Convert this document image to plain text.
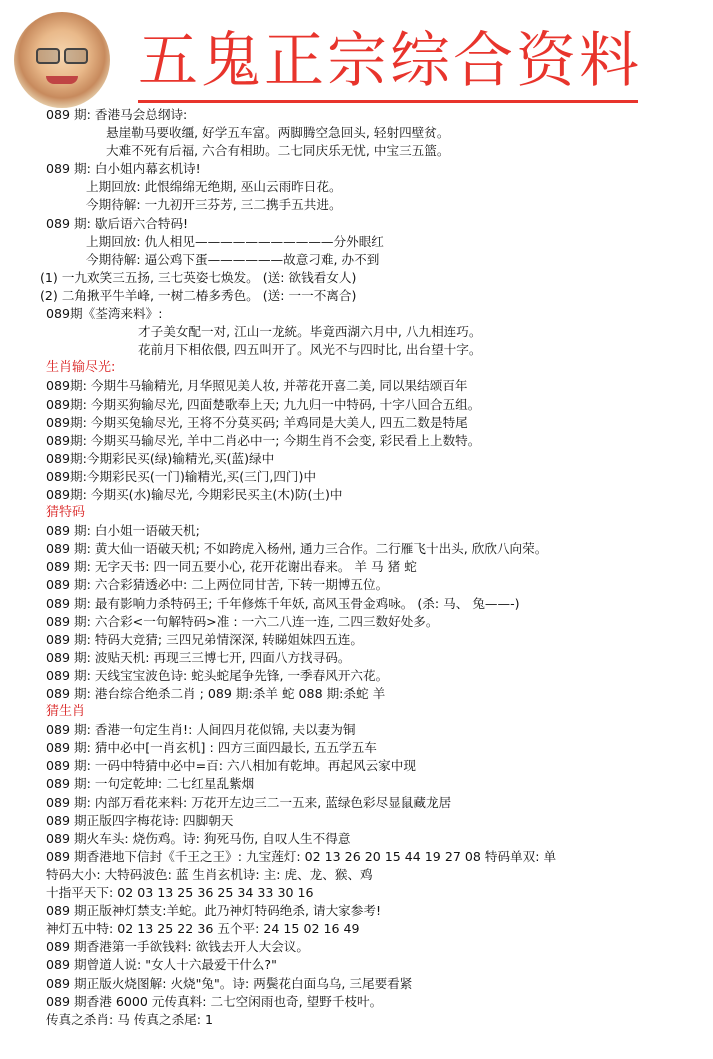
五鬼正宗综合资料
089 期: 香港马会总纲诗:
悬崖勒马要收缰, 好学五车富。两脚腾空急回头, 轻射四壁贫。
大难不死有后福, 六合有相助。二七同庆乐无忧, 中宝三五篮。
089 期: 白小姐内幕玄机诗!
上期回放: 此恨绵绵无绝期, 巫山云雨昨日花。
今期待解: 一九初开三芬芳, 三二携手五共进。
089 期: 歇后语六合特码!
上期回放: 仇人相见———————————分外眼红
今期待解: 逼公鸡下蛋——————故意刁难, 办不到
(1) 一九欢笑三五扬, 三七英姿七焕发。 (送: 欲钱看女人)
(2) 二角揪平牛羊峰, 一树二椿多秀色。 (送: 一一不离合)
089期《荃湾来料》:
才子美女配一对, 江山一龙統。毕竟西湖六月中, 八九相连巧。
花前月下相依偎, 四五叫开了。风光不与四时比, 出台望十字。
生肖输尽光:
089期: 今期牛马输精光, 月华照见美人妆, 并蒂花开喜二美, 同以果结颂百年
089期: 今期买狗输尽光, 四面楚歌奉上天; 九九归一中特码, 十字八回合五组。
089期: 今期买兔输尽光, 王将不分莫买码; 羊鸡同是大美人, 四五二数是特尾
089期: 今期买马输尽光, 羊中二肖必中一; 今期生肖不会变, 彩民看上上数特。
089期:今期彩民买(绿)输精光,买(蓝)绿中
089期:今期彩民买(一门)输精光,买(三门,四门)中
089期: 今期买(水)输尽光, 今期彩民买主(木)防(土)中
猜特码
089 期: 白小姐一语破天机;
089 期: 黄大仙一语破天机; 不如跨虎入杨州, 通力三合作。二行雁飞十出头, 欣欣八向荣。
089 期: 无字天书: 四一同五要小心, 花开花谢出春来。 羊 马 猪 蛇
089 期: 六合彩猜透必中: 二上两位同甘苦, 下转一期博五位。
089 期: 最有影响力杀特码王; 千年修炼千年妖, 高风玉骨金鸡咏。 (杀: 马、 兔——-)
089 期: 六合彩<一句解特码>准 : 一六二八连一连, 二四三数好处多。
089 期: 特码大竞猜; 三四兄弟情深深, 转睇姐妹四五连。
089 期: 波贴天机: 再现三三博七开, 四面八方找寻码。
089 期: 天线宝宝波色诗: 蛇头蛇尾争先锋, 一季春风开六花。
089 期: 港台综合绝杀二肖 ; 089 期:杀羊 蛇 088 期:杀蛇 羊
猜生肖
089 期: 香港一句定生肖!: 人间四月花似锦, 夫以妻为铜
089 期: 猜中必中[一肖玄机] : 四方三面四最长, 五五学五车
089 期: 一码中特猜中必中=百: 六八相加有乾坤。再起风云家中现
089 期: 一句定乾坤: 二七红星乱紫烟
089 期: 内部万看花来料: 万花开左边三二一五来, 蓝绿色彩尽显鼠藏龙居
089 期正版四字梅花诗: 四脚朝天
089 期火车头: 烧伤鸡。诗: 狗死马伤, 自叹人生不得意
089 期香港地下信封《千王之王》: 九宝莲灯: 02 13 26 20 15 44 19 27 08 特码单双: 单
特码大小: 大特码波色: 蓝 生肖玄机诗: 主: 虎、龙、猴、鸡
十指平天下: 02 03 13 25 36 25 34 33 30 16
089 期正版神灯禁支:羊蛇。此乃神灯特码绝杀, 请大家参考!
神灯五中特: 02 13 25 22 36 五个平: 24 15 02 16 49
089 期香港第一手欲钱料: 欲钱去开人大会议。
089 期曾道人说: "女人十六最爱干什么?"
089 期正版火烧图解: 火烧"兔"。诗: 两鬓花白面乌乌, 三尾要看紧
089 期香港 6000 元传真料: 二七空闲雨也奇, 望野千枝叶。
传真之杀肖: 马 传真之杀尾: 1
